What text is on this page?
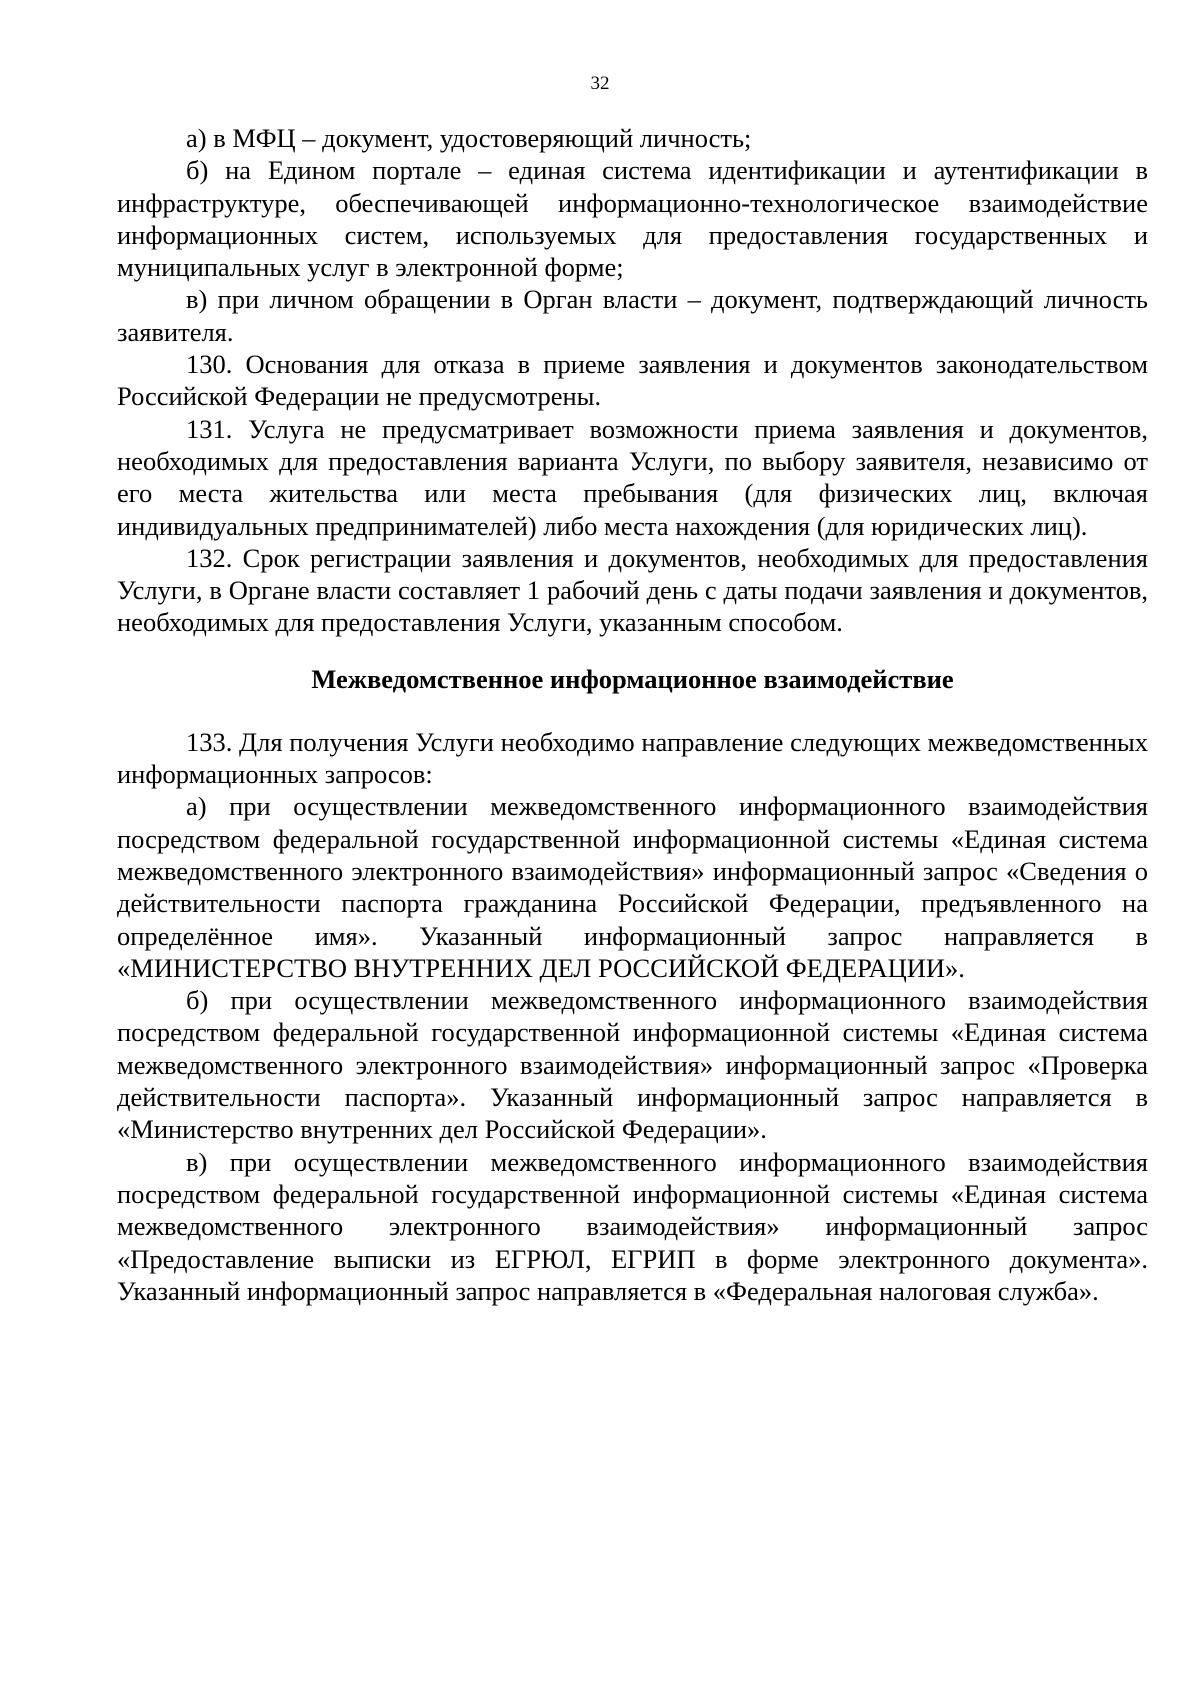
32

а) в МФЦ – документ, удостоверяющий личность;

б) на Едином портале – единая система идентификации и аутентификации в инфраструктуре, обеспечивающей информационно-технологическое взаимодействие информационных систем, используемых для предоставления государственных и муниципальных услуг в электронной форме;

в) при личном обращении в Орган власти – документ, подтверждающий личность заявителя.

130. Основания для отказа в приеме заявления и документов законодательством Российской Федерации не предусмотрены.

131. Услуга не предусматривает возможности приема заявления и документов, необходимых для предоставления варианта Услуги, по выбору заявителя, независимо от его места жительства или места пребывания (для физических лиц, включая индивидуальных предпринимателей) либо места нахождения (для юридических лиц).

132. Срок регистрации заявления и документов, необходимых для предоставления Услуги, в Органе власти составляет 1 рабочий день с даты подачи заявления и документов, необходимых для предоставления Услуги, указанным способом.

Межведомственное информационное взаимодействие

133. Для получения Услуги необходимо направление следующих межведомственных информационных запросов:

а) при осуществлении межведомственного информационного взаимодействия посредством федеральной государственной информационной системы «Единая система межведомственного электронного взаимодействия» информационный запрос «Сведения о действительности паспорта гражданина Российской Федерации, предъявленного на определённое имя». Указанный информационный запрос направляется в «МИНИСТЕРСТВО ВНУТРЕННИХ ДЕЛ РОССИЙСКОЙ ФЕДЕРАЦИИ».

б) при осуществлении межведомственного информационного взаимодействия посредством федеральной государственной информационной системы «Единая система межведомственного электронного взаимодействия» информационный запрос «Проверка действительности паспорта». Указанный информационный запрос направляется в «Министерство внутренних дел Российской Федерации».

в) при осуществлении межведомственного информационного взаимодействия посредством федеральной государственной информационной системы «Единая система межведомственного электронного взаимодействия» информационный запрос «Предоставление выписки из ЕГРЮЛ, ЕГРИП в форме электронного документа». Указанный информационный запрос направляется в «Федеральная налоговая служба».
